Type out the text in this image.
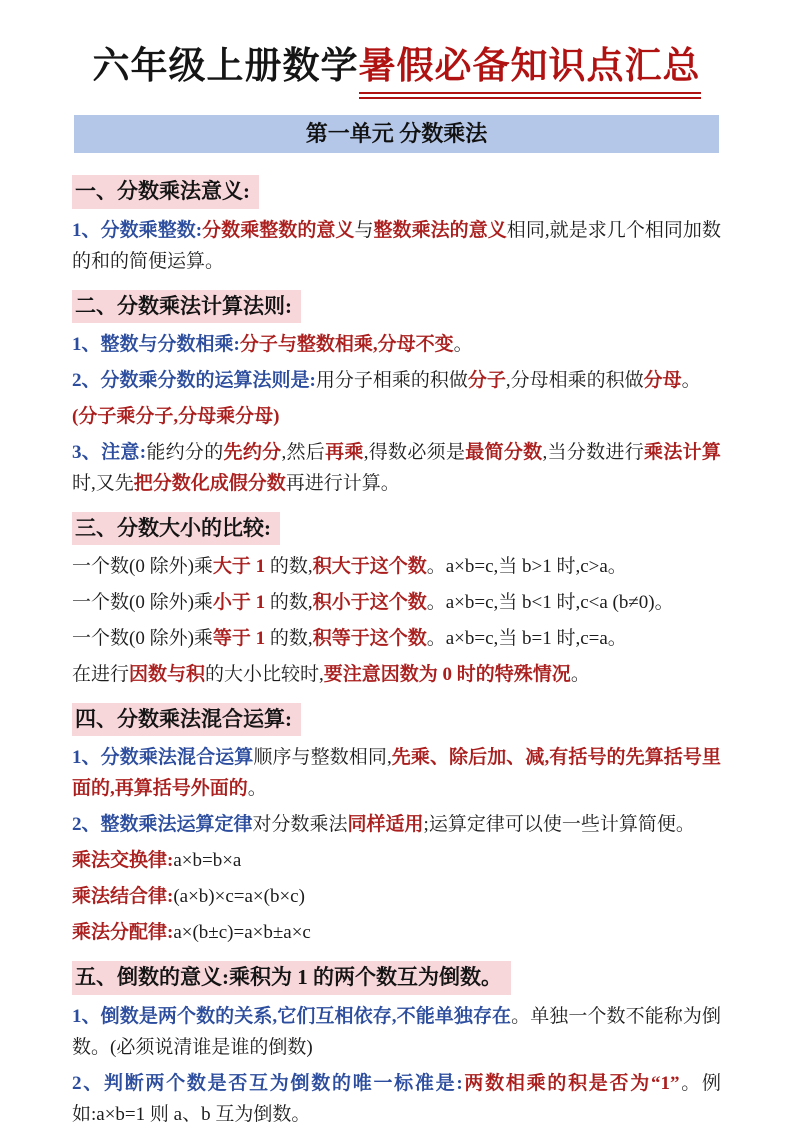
六年级上册数学暑假必备知识点汇总
第一单元 分数乘法
一、分数乘法意义:

1、分数乘整数:分数乘整数的意义与整数乘法的意义相同,就是求几个相同加数的和的简便运算。

二、分数乘法计算法则:

1、整数与分数相乘:分子与整数相乘,分母不变。

2、分数乘分数的运算法则是:用分子相乘的积做分子,分母相乘的积做分母。

(分子乘分子,分母乘分母)

3、注意:能约分的先约分,然后再乘,得数必须是最简分数,当分数进行乘法计算时,又先把分数化成假分数再进行计算。

三、分数大小的比较:

一个数(0 除外)乘大于 1 的数,积大于这个数。a×b=c,当 b>1 时,c>a。

一个数(0 除外)乘小于 1 的数,积小于这个数。a×b=c,当 b<1 时,c<a (b≠0)。

一个数(0 除外)乘等于 1 的数,积等于这个数。a×b=c,当 b=1 时,c=a。

在进行因数与积的大小比较时,要注意因数为 0 时的特殊情况。

四、分数乘法混合运算:

1、分数乘法混合运算顺序与整数相同,先乘、除后加、减,有括号的先算括号里面的,再算括号外面的。

2、整数乘法运算定律对分数乘法同样适用;运算定律可以使一些计算简便。

乘法交换律:a×b=b×a

乘法结合律:(a×b)×c=a×(b×c)

乘法分配律:a×(b±c)=a×b±a×c

五、倒数的意义:乘积为 1 的两个数互为倒数。

1、倒数是两个数的关系,它们互相依存,不能单独存在。单独一个数不能称为倒数。(必须说清谁是谁的倒数)

2、判断两个数是否互为倒数的唯一标准是:两数相乘的积是否为“1”。例如:a×b=1 则 a、b 互为倒数。
